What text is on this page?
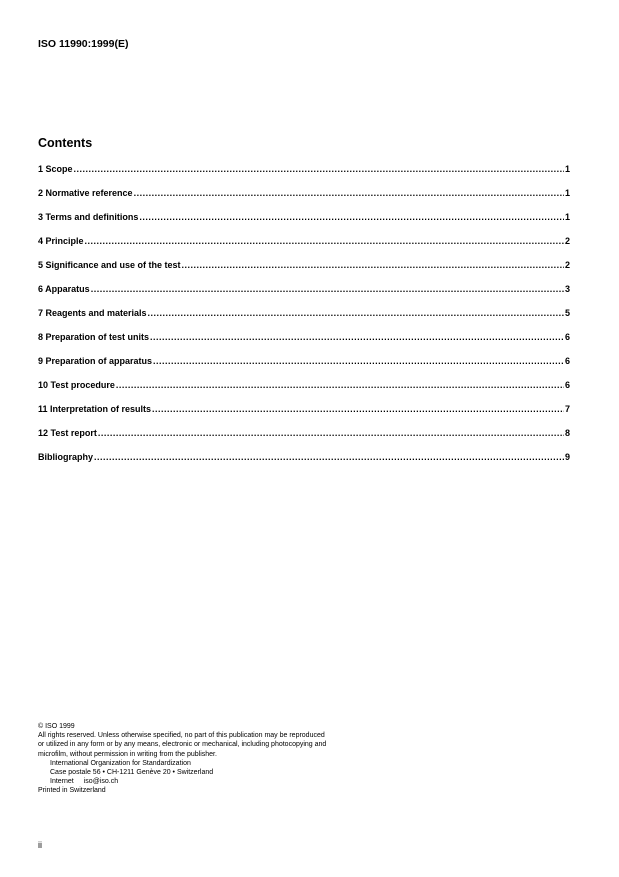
ISO 11990:1999(E)
Contents
1 Scope .....	1
2 Normative reference .....	1
3 Terms and definitions .....	1
4 Principle .....	2
5 Significance and use of the test .....	2
6 Apparatus .....	3
7 Reagents and materials .....	5
8 Preparation of test units .....	6
9 Preparation of apparatus .....	6
10 Test procedure .....	6
11 Interpretation of results .....	7
12 Test report .....	8
Bibliography .....	9
© ISO 1999
All rights reserved. Unless otherwise specified, no part of this publication may be reproduced
or utilized in any form or by any means, electronic or mechanical, including photocopying and
microfilm, without permission in writing from the publisher.
International Organization for Standardization
Case postale 56 • CH-1211 Genève 20 • Switzerland
Internet iso@iso.ch
Printed in Switzerland
ii
